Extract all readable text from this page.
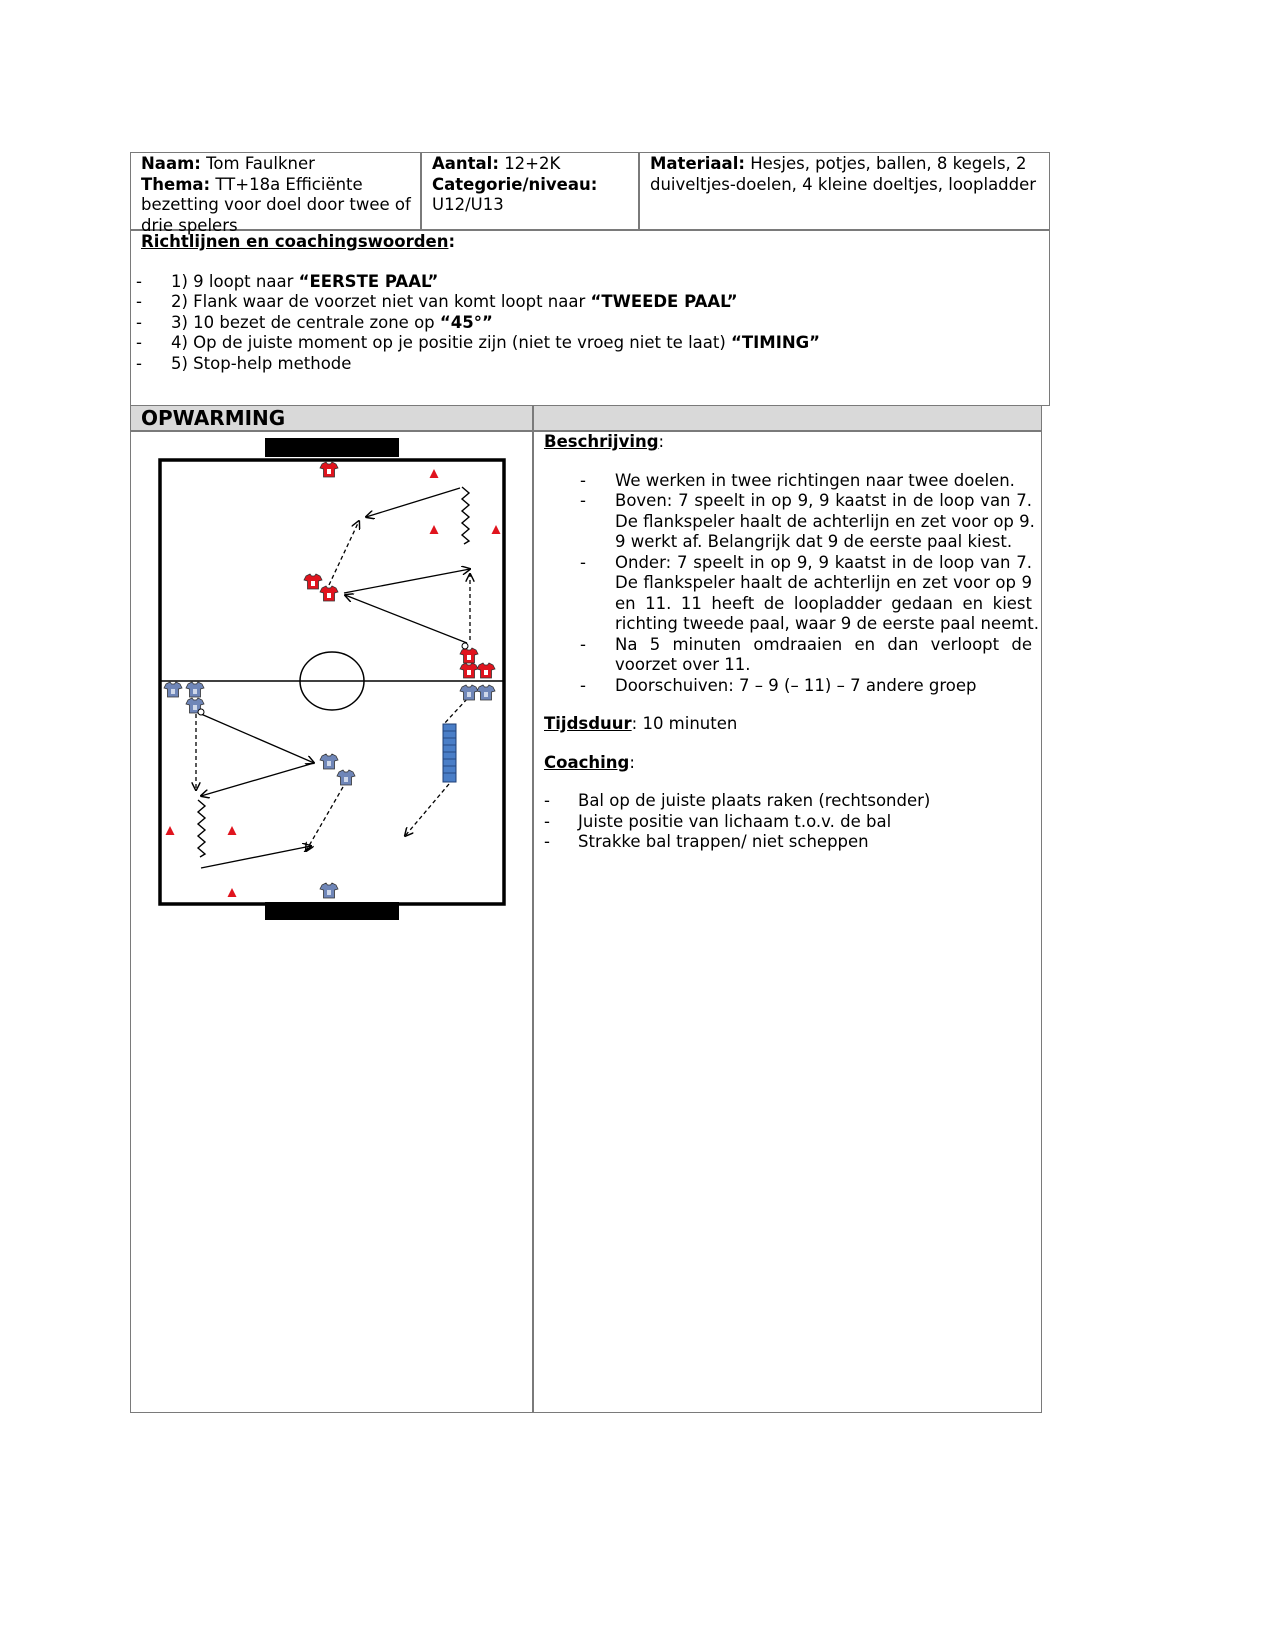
Naam: Tom Faulkner
Thema: TT+18a Efficiënte
bezetting voor doel door twee of
drie spelers
Aantal: 12+2K
Categorie/niveau:
U12/U13
Materiaal: Hesjes, potjes, ballen, 8 kegels, 2
duiveltjes-doelen, 4 kleine doeltjes, loopladder
Richtlijnen en coachingswoorden:
- 1) 9 loopt naar “EERSTE PAAL”
- 2) Flank waar de voorzet niet van komt loopt naar “TWEEDE PAAL”
- 3) 10 bezet de centrale zone op “45°”
- 4) Op de juiste moment op je positie zijn (niet te vroeg niet te laat) “TIMING”
- 5) Stop-help methode
OPWARMING
Beschrijving:
- We werken in twee richtingen naar twee doelen.
- Boven: 7 speelt in op 9, 9 kaatst in de loop van 7.
De flankspeler haalt de achterlijn en zet voor op 9.
9 werkt af. Belangrijk dat 9 de eerste paal kiest.
- Onder: 7 speelt in op 9, 9 kaatst in de loop van 7.
De flankspeler haalt de achterlijn en zet voor op 9
en 11. 11 heeft de loopladder gedaan en kiest
richting tweede paal, waar 9 de eerste paal neemt.
- Na 5 minuten omdraaien en dan verloopt de
voorzet over 11.
- Doorschuiven: 7 – 9 (– 11) – 7 andere groep
Tijdsduur: 10 minuten
Coaching:
- Bal op de juiste plaats raken (rechtsonder)
- Juiste positie van lichaam t.o.v. de bal
- Strakke bal trappen/ niet scheppen
